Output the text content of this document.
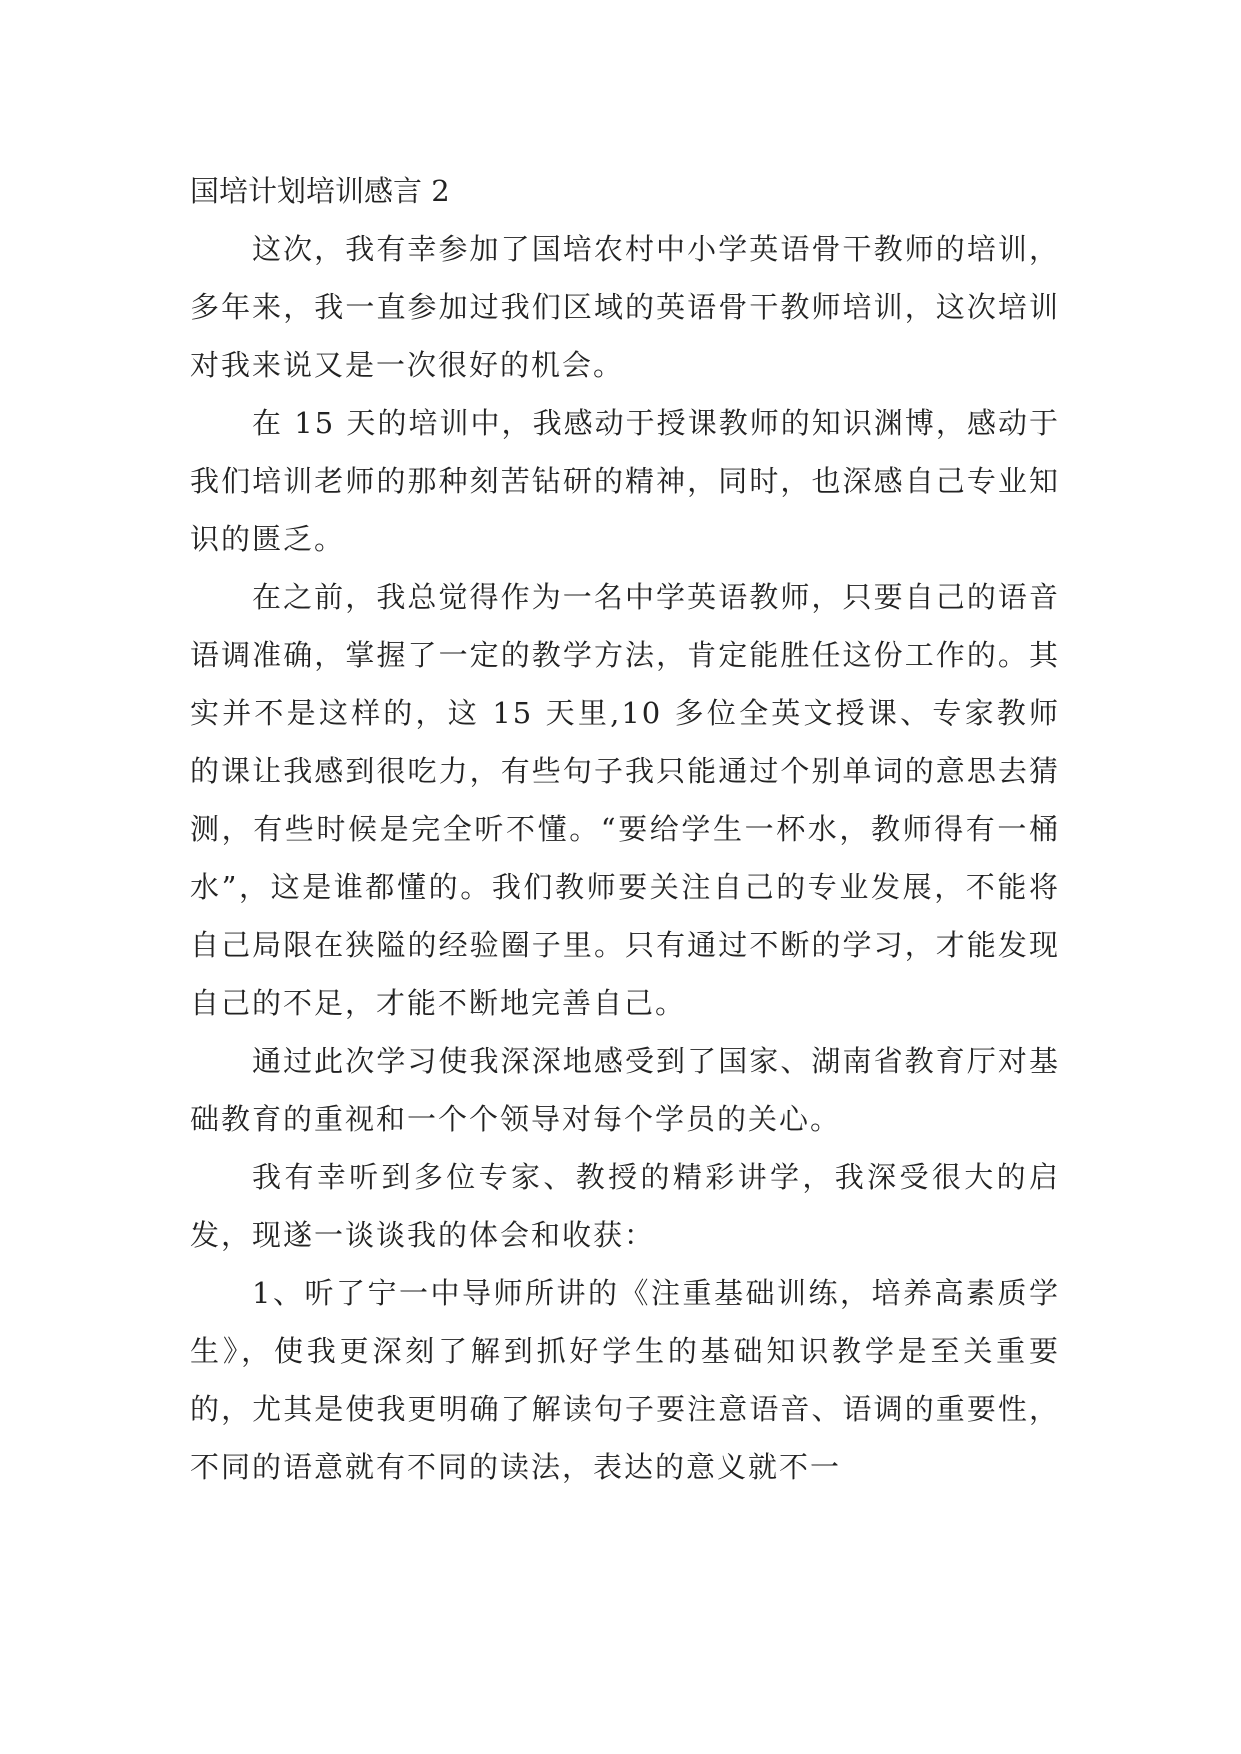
国培计划培训感言 2

这次，我有幸参加了国培农村中小学英语骨干教师的培训，多年来，我一直参加过我们区域的英语骨干教师培训，这次培训对我来说又是一次很好的机会。

在 15 天的培训中，我感动于授课教师的知识渊博，感动于我们培训老师的那种刻苦钻研的精神，同时，也深感自己专业知识的匮乏。

在之前，我总觉得作为一名中学英语教师，只要自己的语音语调准确，掌握了一定的教学方法，肯定能胜任这份工作的。其实并不是这样的，这 15 天里,10 多位全英文授课、专家教师的课让我感到很吃力，有些句子我只能通过个别单词的意思去猜测，有些时候是完全听不懂。“要给学生一杯水，教师得有一桶水”，这是谁都懂的。我们教师要关注自己的专业发展，不能将自己局限在狭隘的经验圈子里。只有通过不断的学习，才能发现自己的不足，才能不断地完善自己。

通过此次学习使我深深地感受到了国家、湖南省教育厅对基础教育的重视和一个个领导对每个学员的关心。

我有幸听到多位专家、教授的精彩讲学，我深受很大的启发，现遂一谈谈我的体会和收获：

1、听了宁一中导师所讲的《注重基础训练，培养高素质学生》，使我更深刻了解到抓好学生的基础知识教学是至关重要的，尤其是使我更明确了解读句子要注意语音、语调的重要性，不同的语意就有不同的读法，表达的意义就不一
